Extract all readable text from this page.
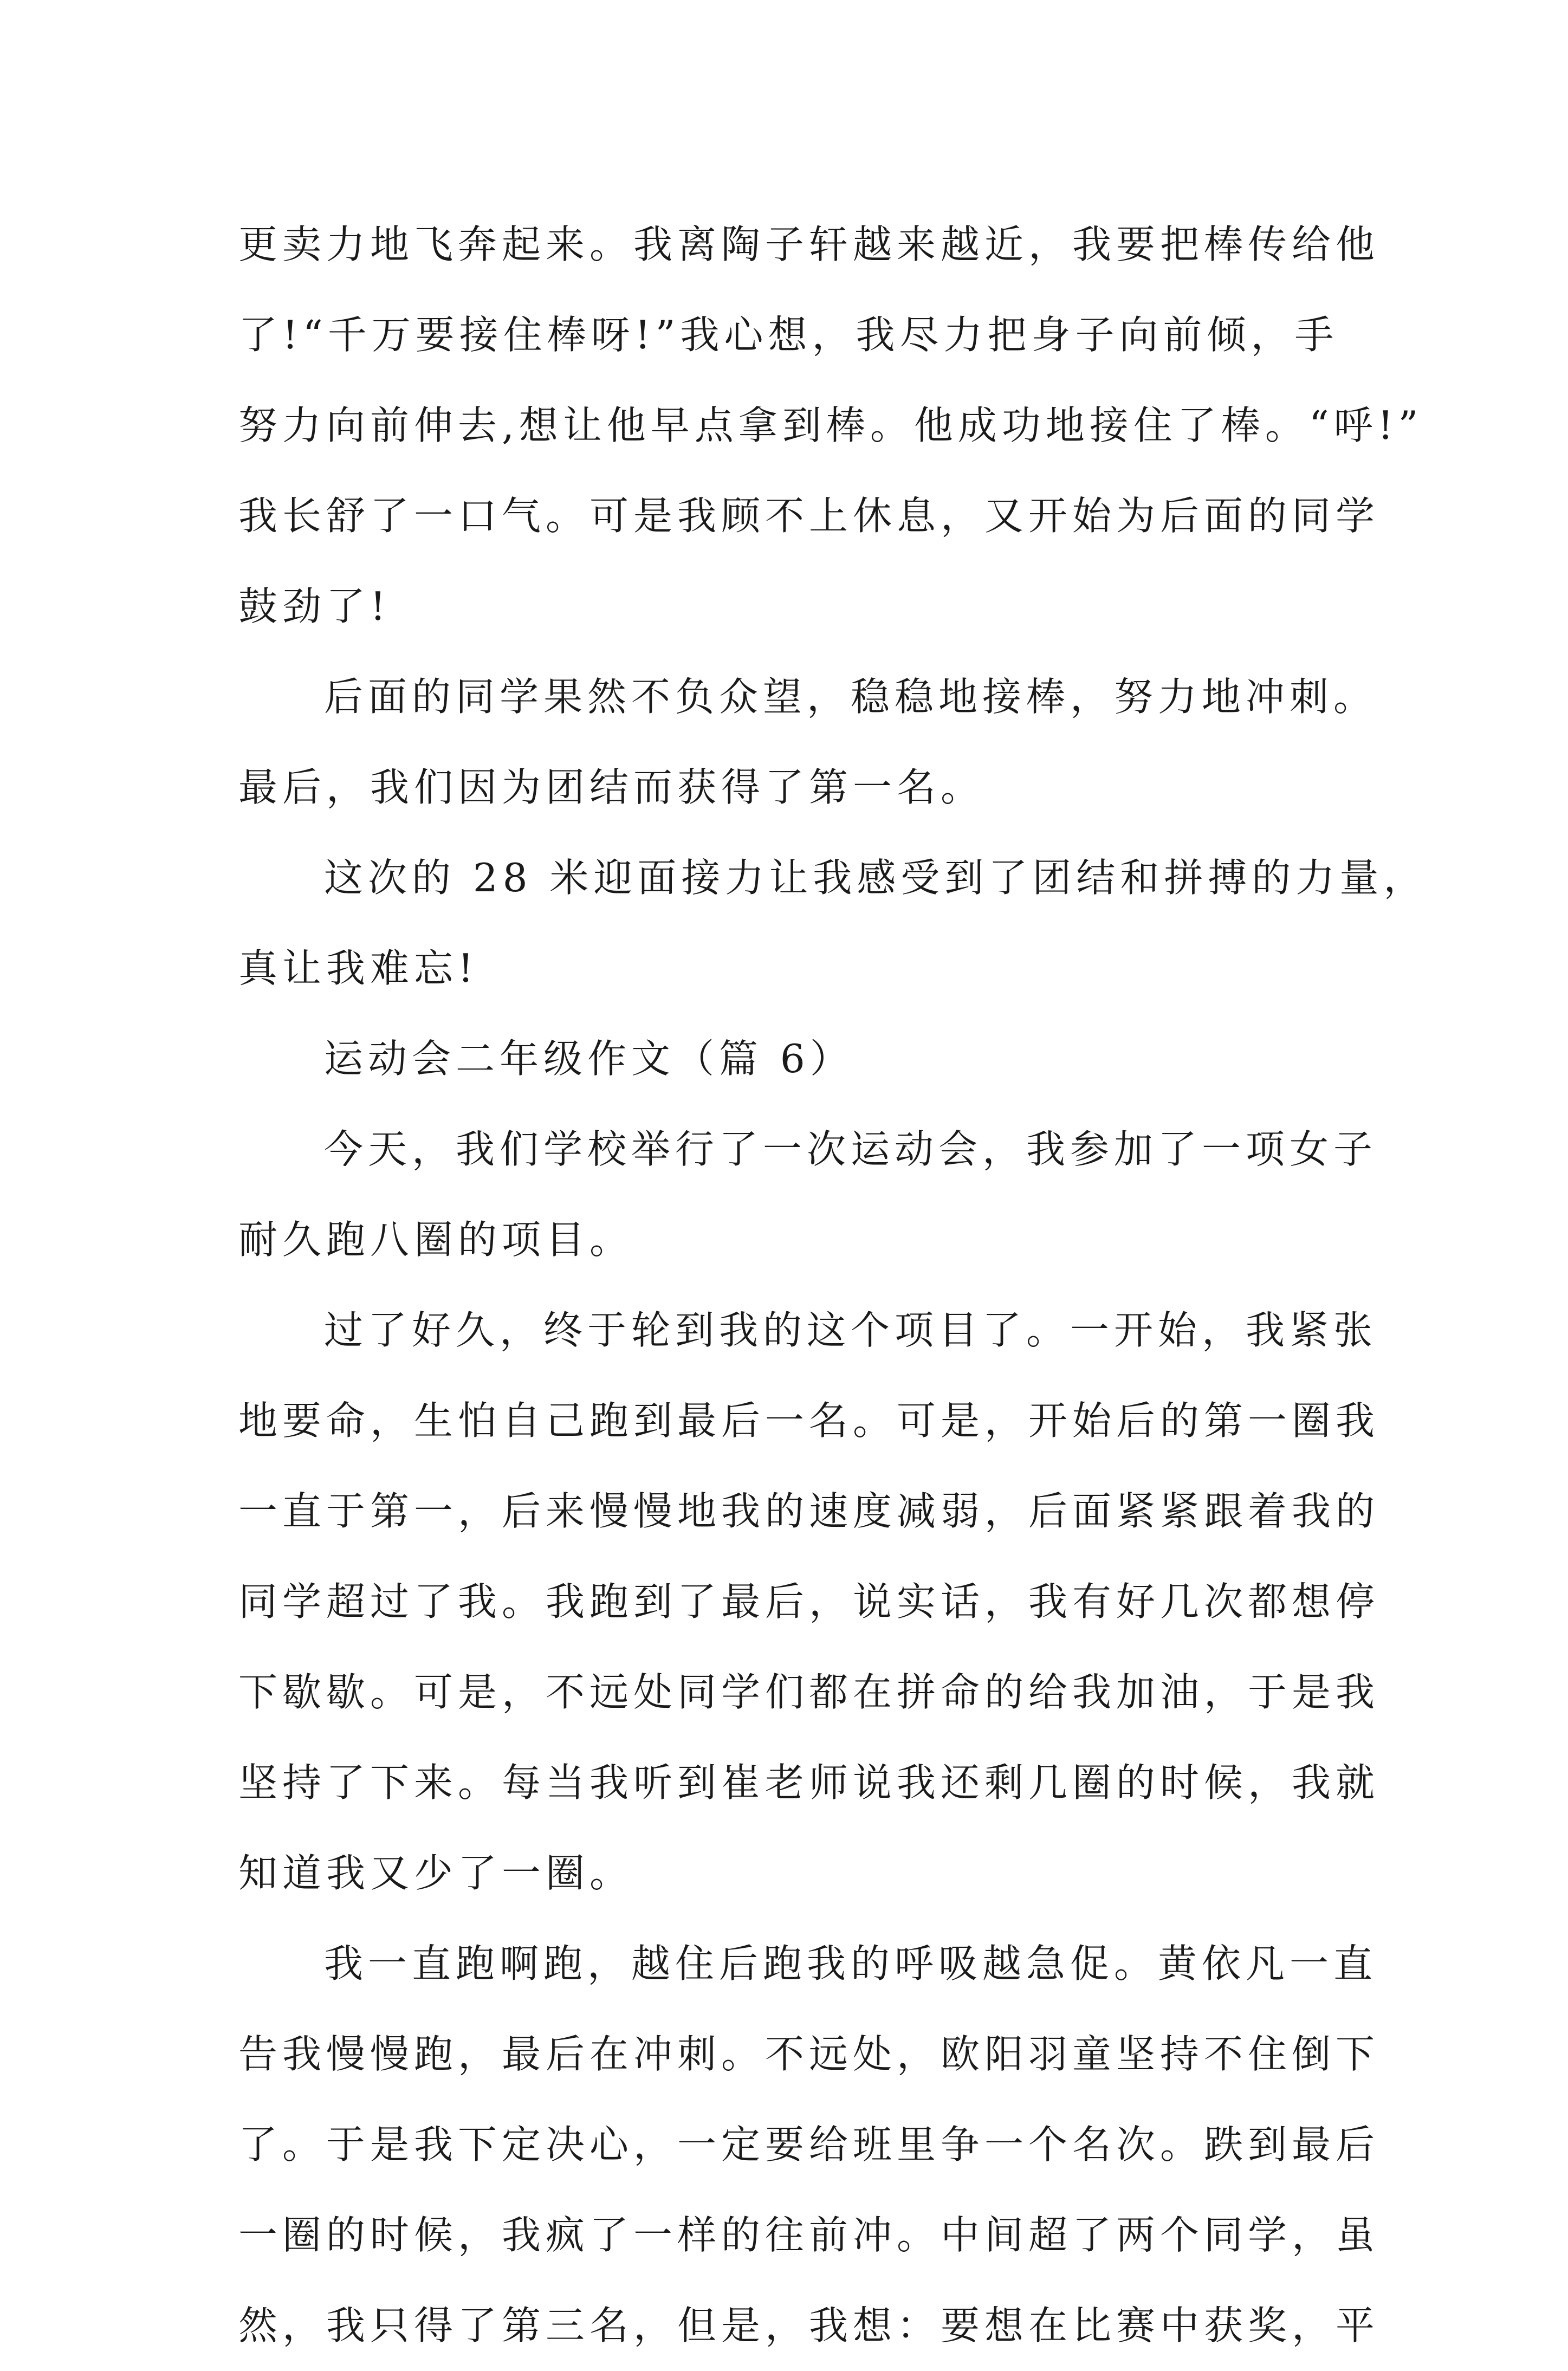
更卖力地飞奔起来。我离陶子轩越来越近，我要把棒传给他
了!“千万要接住棒呀!”我心想，我尽力把身子向前倾，手
努力向前伸去,想让他早点拿到棒。他成功地接住了棒。“呼!”
我长舒了一口气。可是我顾不上休息，又开始为后面的同学
鼓劲了!
后面的同学果然不负众望，稳稳地接棒，努力地冲刺。
最后，我们因为团结而获得了第一名。
这次的 28 米迎面接力让我感受到了团结和拼搏的力量，
真让我难忘!
运动会二年级作文（篇 6）
今天，我们学校举行了一次运动会，我参加了一项女子
耐久跑八圈的项目。
过了好久，终于轮到我的这个项目了。一开始，我紧张
地要命，生怕自己跑到最后一名。可是，开始后的第一圈我
一直于第一，后来慢慢地我的速度减弱，后面紧紧跟着我的
同学超过了我。我跑到了最后，说实话，我有好几次都想停
下歇歇。可是，不远处同学们都在拼命的给我加油，于是我
坚持了下来。每当我听到崔老师说我还剩几圈的时候，我就
知道我又少了一圈。
我一直跑啊跑，越住后跑我的呼吸越急促。黄依凡一直
告我慢慢跑，最后在冲刺。不远处，欧阳羽童坚持不住倒下
了。于是我下定决心，一定要给班里争一个名次。跌到最后
一圈的时候，我疯了一样的往前冲。中间超了两个同学，虽
然，我只得了第三名，但是，我想：要想在比赛中获奖，平
